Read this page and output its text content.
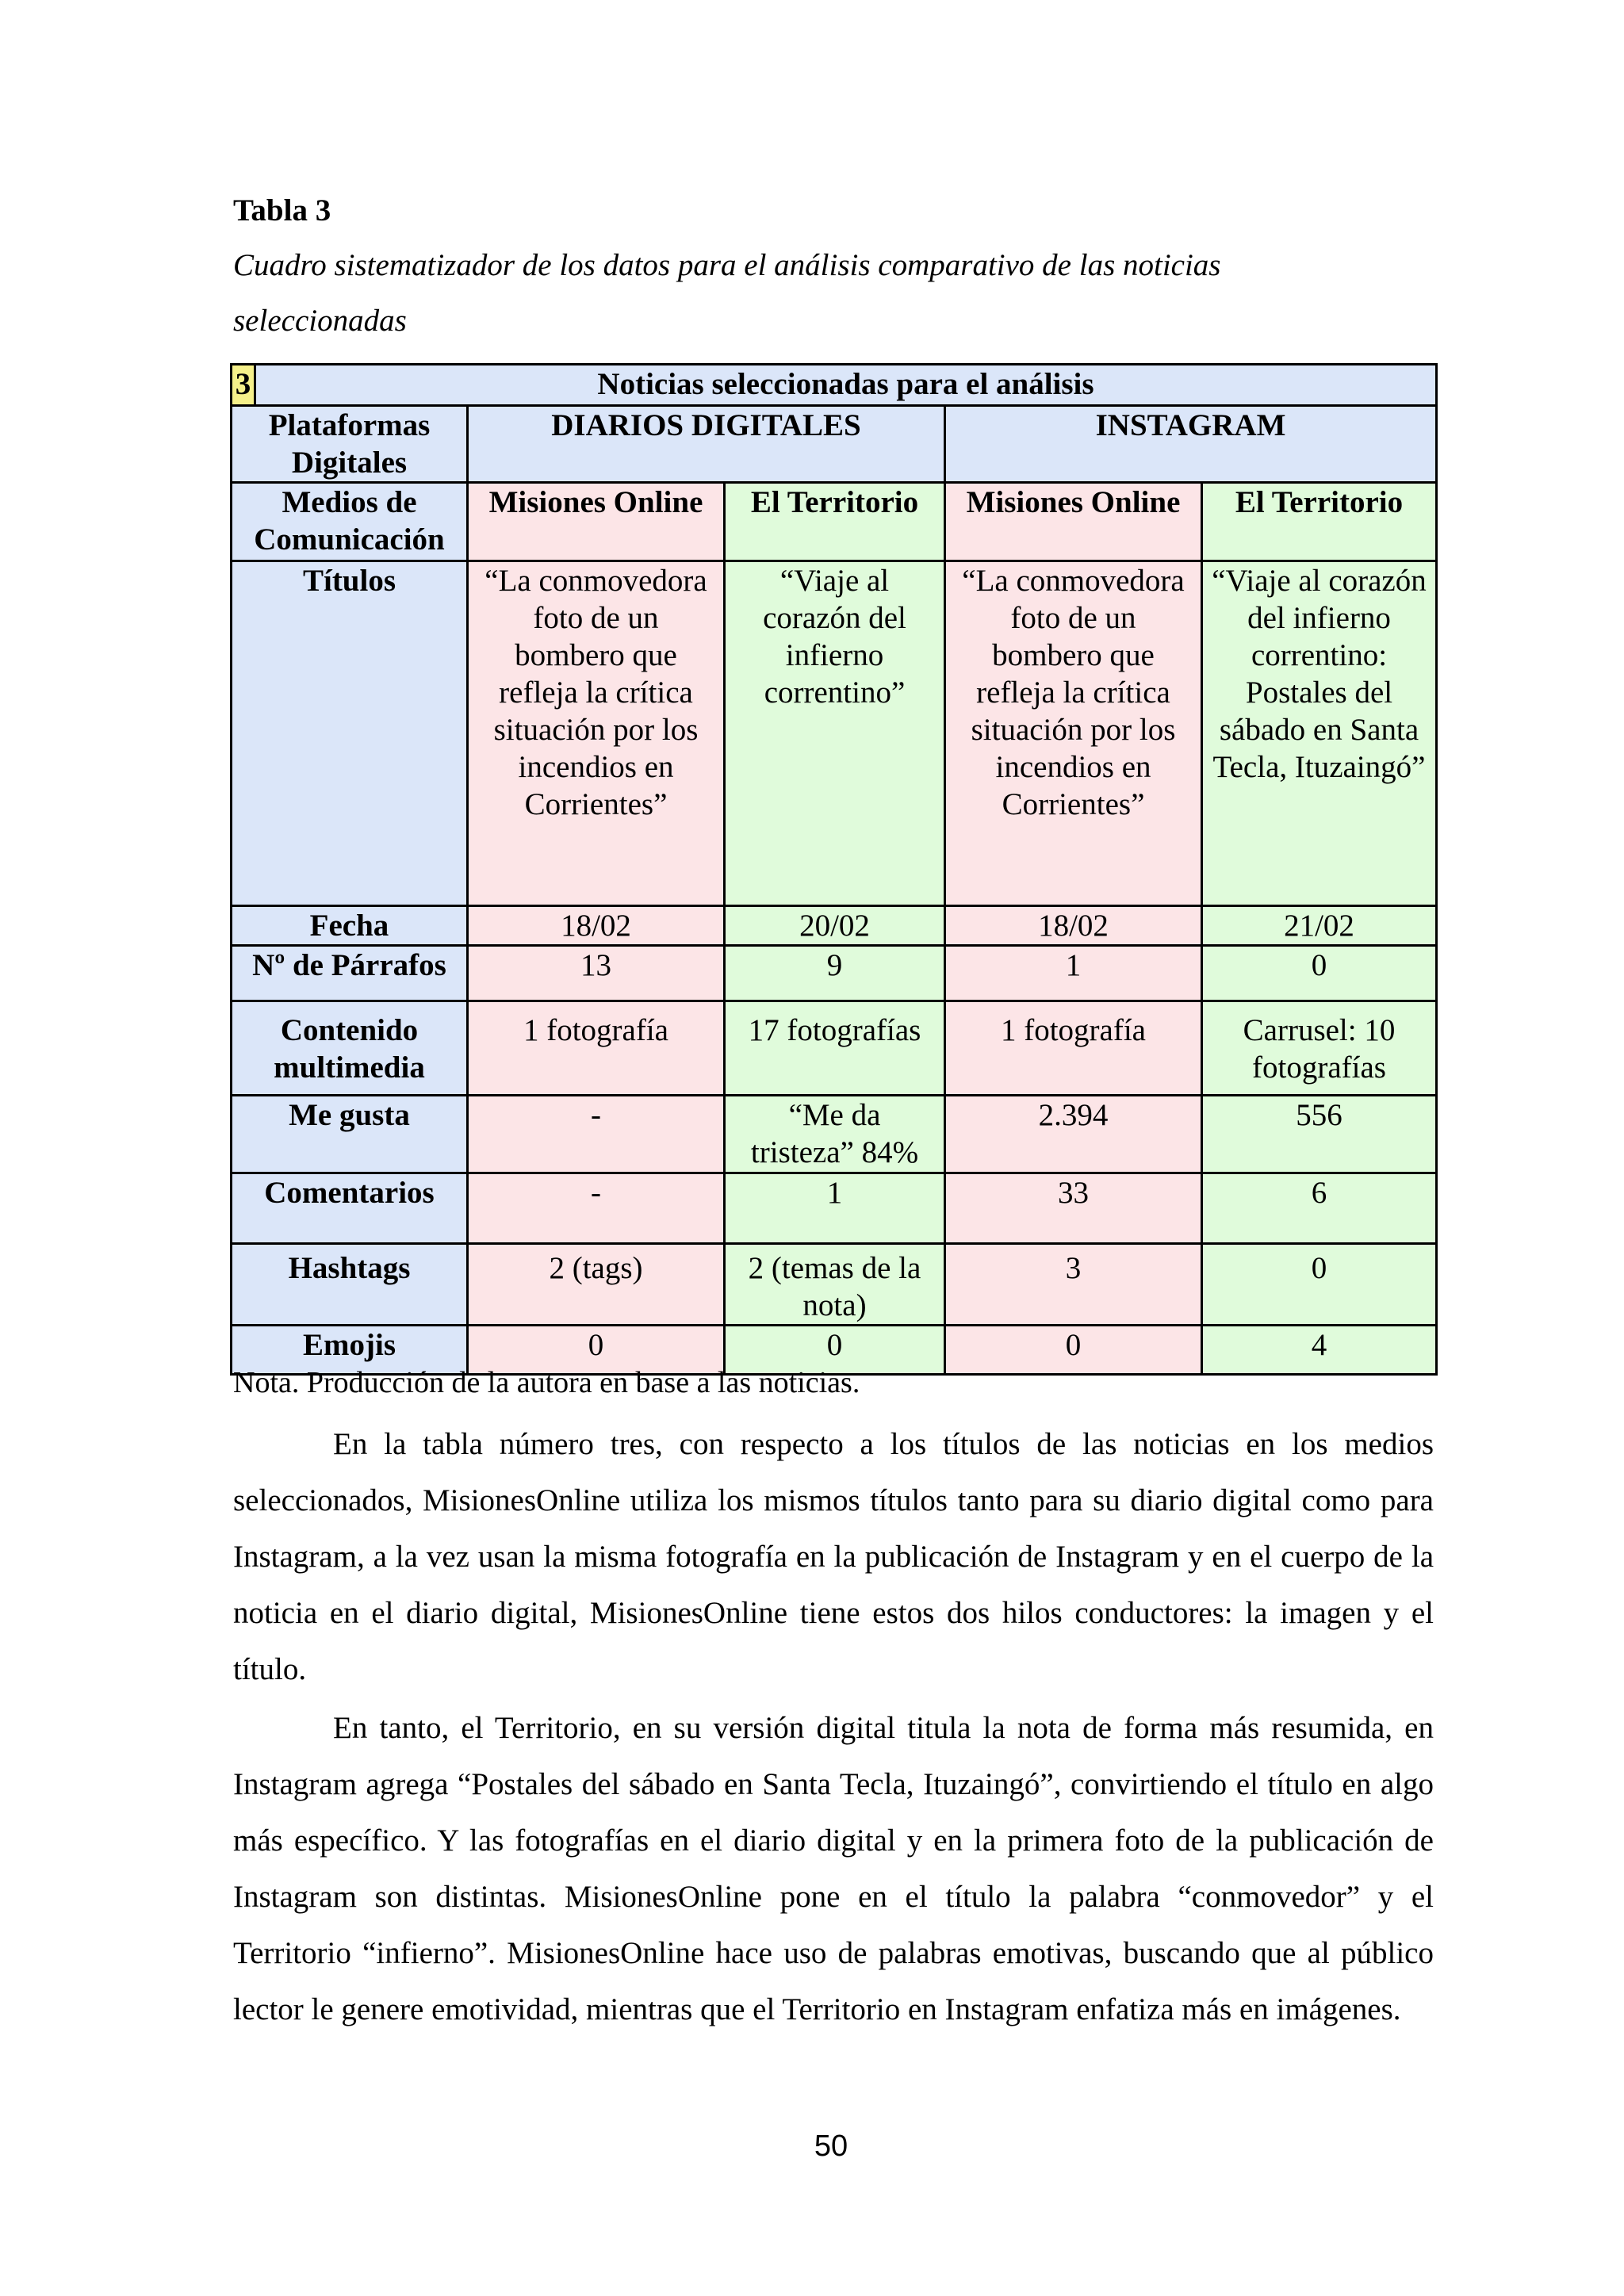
Tabla 3
Cuadro sistematizador de los datos para el análisis comparativo de las noticias
seleccionadas
3	Noticias seleccionadas para el análisis				
Plataformas Digitales		DIARIOS DIGITALES		INSTAGRAM	
Medios de Comunicación		Misiones Online	El Territorio	Misiones Online	El Territorio
Títulos		“La conmovedora foto de un bombero que refleja la crítica situación por los incendios en Corrientes”	“Viaje al corazón del infierno correntino”	“La conmovedora foto de un bombero que refleja la crítica situación por los incendios en Corrientes”	“Viaje al corazón del infierno correntino: Postales del sábado en Santa Tecla, Ituzaingó”
Fecha		18/02	20/02	18/02	21/02
Nº de Párrafos		13	9	1	0
Contenido multimedia		1 fotografía	17 fotografías	1 fotografía	Carrusel: 10 fotografías
Me gusta		-	“Me da tristeza” 84%	2.394	556
Comentarios		-	1	33	6
Hashtags		2 (tags)	2 (temas de la nota)	3	0
Emojis		0	0	0	4
Nota. Producción de la autora en base a las noticias.

En la tabla número tres, con respecto a los títulos de las noticias en los medios seleccionados, MisionesOnline utiliza los mismos títulos tanto para su diario digital como para Instagram, a la vez usan la misma fotografía en la publicación de Instagram y en el cuerpo de la noticia en el diario digital, MisionesOnline tiene estos dos hilos conductores: la imagen y el título.

En tanto, el Territorio, en su versión digital titula la nota de forma más resumida, en Instagram agrega “Postales del sábado en Santa Tecla, Ituzaingó”, convirtiendo el título en algo más específico. Y las fotografías en el diario digital y en la primera foto de la publicación de Instagram son distintas. MisionesOnline pone en el título la palabra “conmovedor” y el Territorio “infierno”. MisionesOnline hace uso de palabras emotivas, buscando que al público lector le genere emotividad, mientras que el Territorio en Instagram enfatiza más en imágenes.

50
